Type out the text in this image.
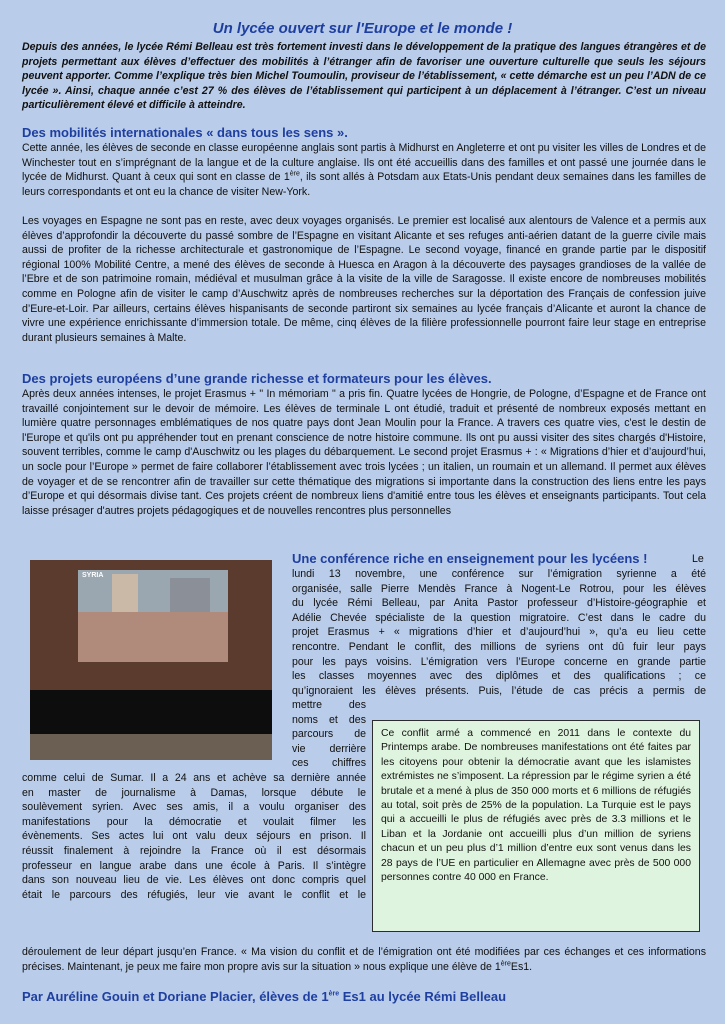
Un lycée ouvert sur l'Europe et le monde !

Depuis des années, le lycée Rémi Belleau est très fortement investi dans le développement de la pratique des langues étrangères et de projets permettant aux élèves d’effectuer des mobilités à l’étranger afin de favoriser une ouverture culturelle que seuls les séjours peuvent apporter. Comme l’explique très bien Michel Toumoulin, proviseur de l’établissement, « cette démarche est un peu l’ADN de ce lycée ». Ainsi, chaque année c’est 27 % des élèves de l’établissement qui participent à un déplacement à l’étranger. C’est un niveau particulièrement élevé et difficile à atteindre.

Des mobilités internationales « dans tous les sens ».

Cette année, les élèves de seconde en classe européenne anglais sont partis à Midhurst en Angleterre et ont pu visiter les villes de Londres et de Winchester tout en s’imprégnant de la langue et de la culture anglaise. Ils ont été accueillis dans des familles et ont passé une journée dans le lycée de Midhurst. Quant à ceux qui sont en classe de 1ère, ils sont allés à Potsdam aux Etats-Unis pendant deux semaines dans les familles de leurs correspondants et ont eu la chance de visiter New-York.

Les voyages en Espagne ne sont pas en reste, avec deux voyages organisés. Le premier est localisé aux alentours de Valence et a permis aux élèves d’approfondir la découverte du passé sombre de l’Espagne en visitant Alicante et ses refuges anti-aérien datant de la guerre civile mais aussi de profiter de la richesse architecturale et gastronomique de l’Espagne. Le second voyage, financé en grande partie par le dispositif régional 100% Mobilité Centre, a mené des élèves de seconde à Huesca en Aragon à la découverte des paysages grandioses de la vallée de l’Ebre et de son patrimoine romain, médiéval et musulman grâce à la visite de la ville de Saragosse. Il existe encore de nombreuses mobilités comme en Pologne afin de visiter le camp d’Auschwitz après de nombreuses recherches sur la déportation des Français de confession juive d’Eure-et-Loir. Par ailleurs, certains élèves hispanisants de seconde partiront six semaines au lycée français d’Alicante et auront la chance de vivre une expérience enrichissante d’immersion totale. De même, cinq élèves de la filière professionnelle pourront faire leur stage en entreprise durant plusieurs semaines à Malte.

Des projets européens d’une grande richesse et formateurs pour les élèves.

Après deux années intenses, le projet Erasmus + " In mémoriam " a pris fin. Quatre lycées de Hongrie, de Pologne, d’Espagne et de France ont travaillé conjointement sur le devoir de mémoire. Les élèves de terminale L ont étudié, traduit et présenté de nombreux exposés mettant en lumière quatre personnages emblématiques de nos quatre pays dont Jean Moulin pour la France. A travers ces quatre vies, c'est le destin de l'Europe et qu'ils ont pu appréhender tout en prenant conscience de notre histoire commune. Ils ont pu aussi visiter des sites chargés d'Histoire, souvent terribles, comme le camp d'Auschwitz ou les plages du débarquement. Le second projet Erasmus + : « Migrations d’hier et d’aujourd’hui, un socle pour l’Europe » permet de faire collaborer l’établissement avec trois lycées ; un italien, un roumain et un allemand. Il permet aux élèves de voyager et de se rencontrer afin de travailler sur cette thématique des migrations si importante dans la construction des liens entre les pays d’Europe et qui désormais divise tant. Ces projets créent de nombreux liens d'amitié entre tous les élèves et enseignants participants. Tout cela laisse présager d'autres projets pédagogiques et de nouvelles rencontres plus personnelles

SYRIA
Une conférence riche en enseignement pour les lycéens !	Le
lundi 13 novembre, une conférence sur l’émigration syrienne a été
organisée, salle Pierre Mendès France à Nogent-Le Rotrou, pour les élèves
du lycée Rémi Belleau, par Anita Pastor professeur d’Histoire-géographie et
Adélie Chevée spécialiste de la question migratoire. C’est dans le cadre du
projet Erasmus + « migrations d’hier et d’aujourd’hui », qu’a eu lieu cette
rencontre. Pendant le conflit, des millions de syriens ont dû fuir leur pays
pour les pays voisins. L’émigration vers l’Europe concerne en grande partie
les classes moyennes avec des diplômes et des qualifications ; ce
qu’ignoraient les élèves présents. Puis, l’étude de cas précis a permis de
mettre des
noms et des
parcours de
vie derrière
ces chiffres
comme celui de Sumar. Il a 24 ans et achève sa dernière année
en master de journalisme à Damas, lorsque débute le
soulèvement syrien. Avec ses amis, il a voulu organiser des
manifestations pour la démocratie et voulait filmer les
évènements. Ses actes lui ont valu deux séjours en prison. Il
réussit finalement à rejoindre la France où il est désormais
professeur en langue arabe dans une école à Paris. Il s’intègre
dans son nouveau lieu de vie. Les élèves ont donc compris quel
était le parcours des réfugiés, leur vie avant le conflit et le

déroulement de leur départ jusqu’en France. « Ma vision du conflit et de l’émigration ont été modifiées par ces échanges et ces informations précises. Maintenant, je peux me faire mon propre avis sur la situation » nous explique une élève de 1èreEs1.

Ce conflit armé a commencé en 2011 dans le contexte du Printemps arabe. De nombreuses manifestations ont été faites par les citoyens pour obtenir la démocratie avant que les islamistes extrémistes ne s’imposent. La répression par le régime syrien a été brutale et a mené à plus de 350 000 morts et 6 millions de réfugiés au total, soit près de 25% de la population. La Turquie est le pays qui a accueilli le plus de réfugiés avec près de 3.3 millions et le Liban et la Jordanie ont accueilli plus d’un million de syriens chacun et un peu plus d’1 million d’entre eux sont venus dans les 28 pays de l’UE en particulier en Allemagne avec près de 500 000 personnes contre 40 000 en France.

Par Auréline Gouin et Doriane Placier, élèves de 1ère Es1 au lycée Rémi Belleau
